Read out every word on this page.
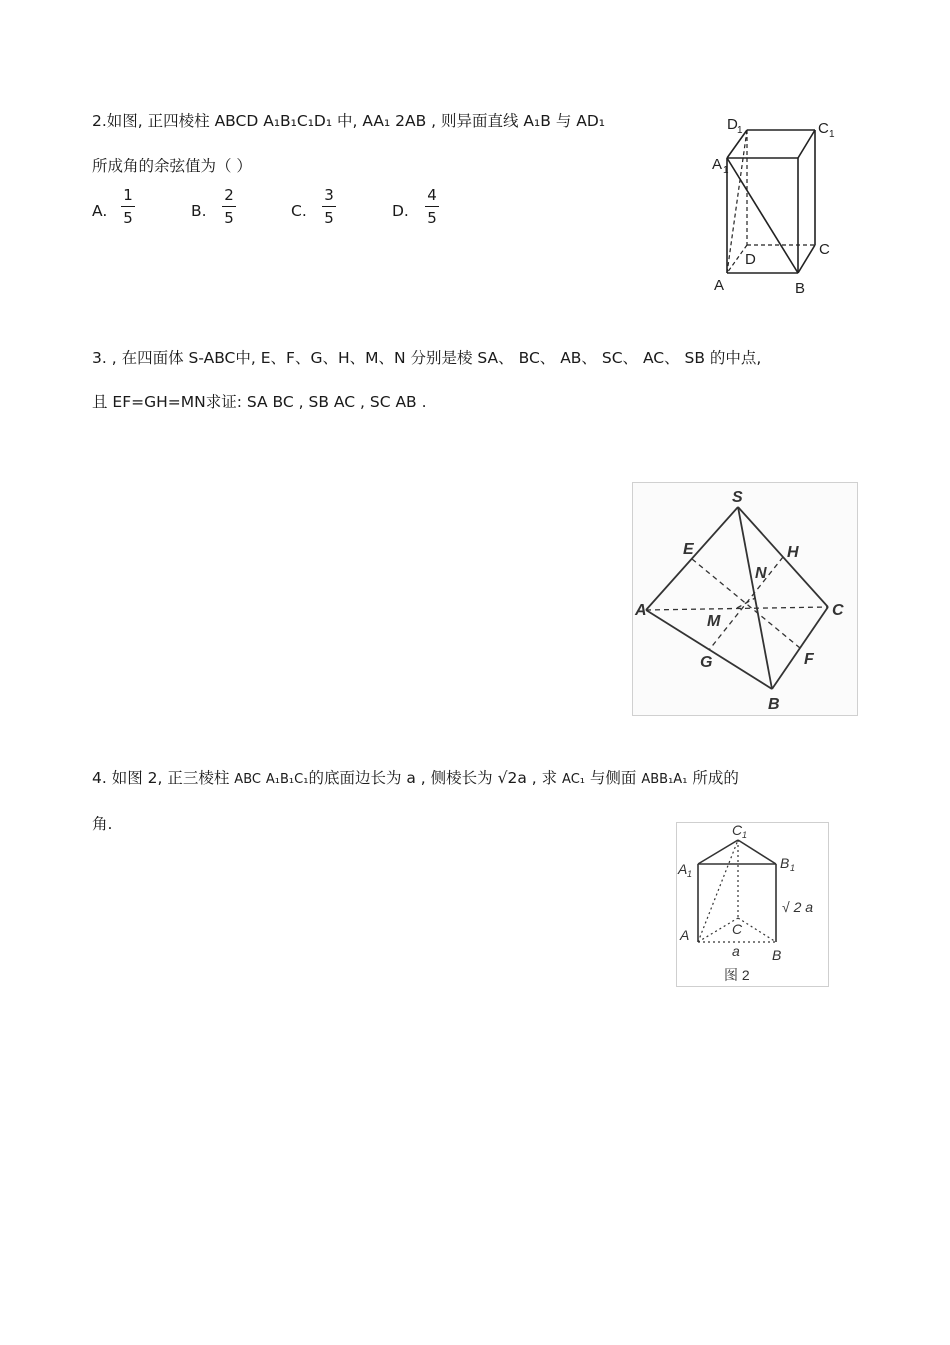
2.如图, 正四棱柱 ABCD A₁B₁C₁D₁ 中, AA₁ 2AB , 则异面直线 A₁B 与 AD₁
所成角的余弦值为（ ）
A.
1
5	B.
2
5	C.
3
5	D.
4
5
D 1	C 1
A 1
D
C
A	B
3. , 在四面体 S-ABC中, E、F、G、H、M、N 分别是棱 SA、 BC、 AB、 SC、 AC、 SB 的中点,
且 EF=GH=MN求证: SA BC , SB AC , SC AB .
S
E	H
N
A	C
M
G	F
B
4. 如图 2, 正三棱柱 ABC A₁B₁C₁的底面边长为 a , 侧棱长为 √2a , 求 AC₁ 与侧面 ABB₁A₁ 所成的
角.	C 1
A 1
B 1
√ 2 a
C
A
a B
图 2
